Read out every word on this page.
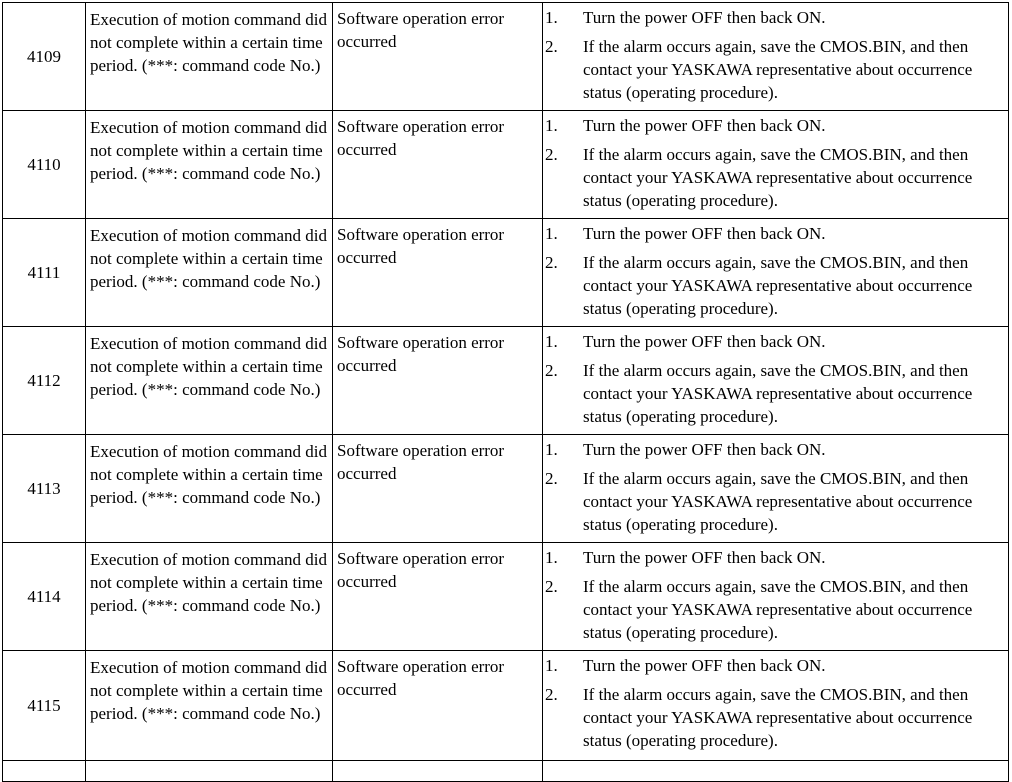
4109	Execution of motion command did not complete within a certain time period. (***: command code No.)	Software operation error occurred	1. Turn the power OFF then back ON.
2. If the alarm occurs again, save the CMOS.BIN, and then contact your YASKAWA representative about occurrence status (operating procedure).

4110	Execution of motion command did not complete within a certain time period. (***: command code No.)	Software operation error occurred	1. Turn the power OFF then back ON.
2. If the alarm occurs again, save the CMOS.BIN, and then contact your YASKAWA representative about occurrence status (operating procedure).

4111	Execution of motion command did not complete within a certain time period. (***: command code No.)	Software operation error occurred	1. Turn the power OFF then back ON.
2. If the alarm occurs again, save the CMOS.BIN, and then contact your YASKAWA representative about occurrence status (operating procedure).

4112	Execution of motion command did not complete within a certain time period. (***: command code No.)	Software operation error occurred	1. Turn the power OFF then back ON.
2. If the alarm occurs again, save the CMOS.BIN, and then contact your YASKAWA representative about occurrence status (operating procedure).

4113	Execution of motion command did not complete within a certain time period. (***: command code No.)	Software operation error occurred	1. Turn the power OFF then back ON.
2. If the alarm occurs again, save the CMOS.BIN, and then contact your YASKAWA representative about occurrence status (operating procedure).

4114	Execution of motion command did not complete within a certain time period. (***: command code No.)	Software operation error occurred	1. Turn the power OFF then back ON.
2. If the alarm occurs again, save the CMOS.BIN, and then contact your YASKAWA representative about occurrence status (operating procedure).

4115	Execution of motion command did not complete within a certain time period. (***: command code No.)	Software operation error occurred	1. Turn the power OFF then back ON.
2. If the alarm occurs again, save the CMOS.BIN, and then contact your YASKAWA representative about occurrence status (operating procedure).
